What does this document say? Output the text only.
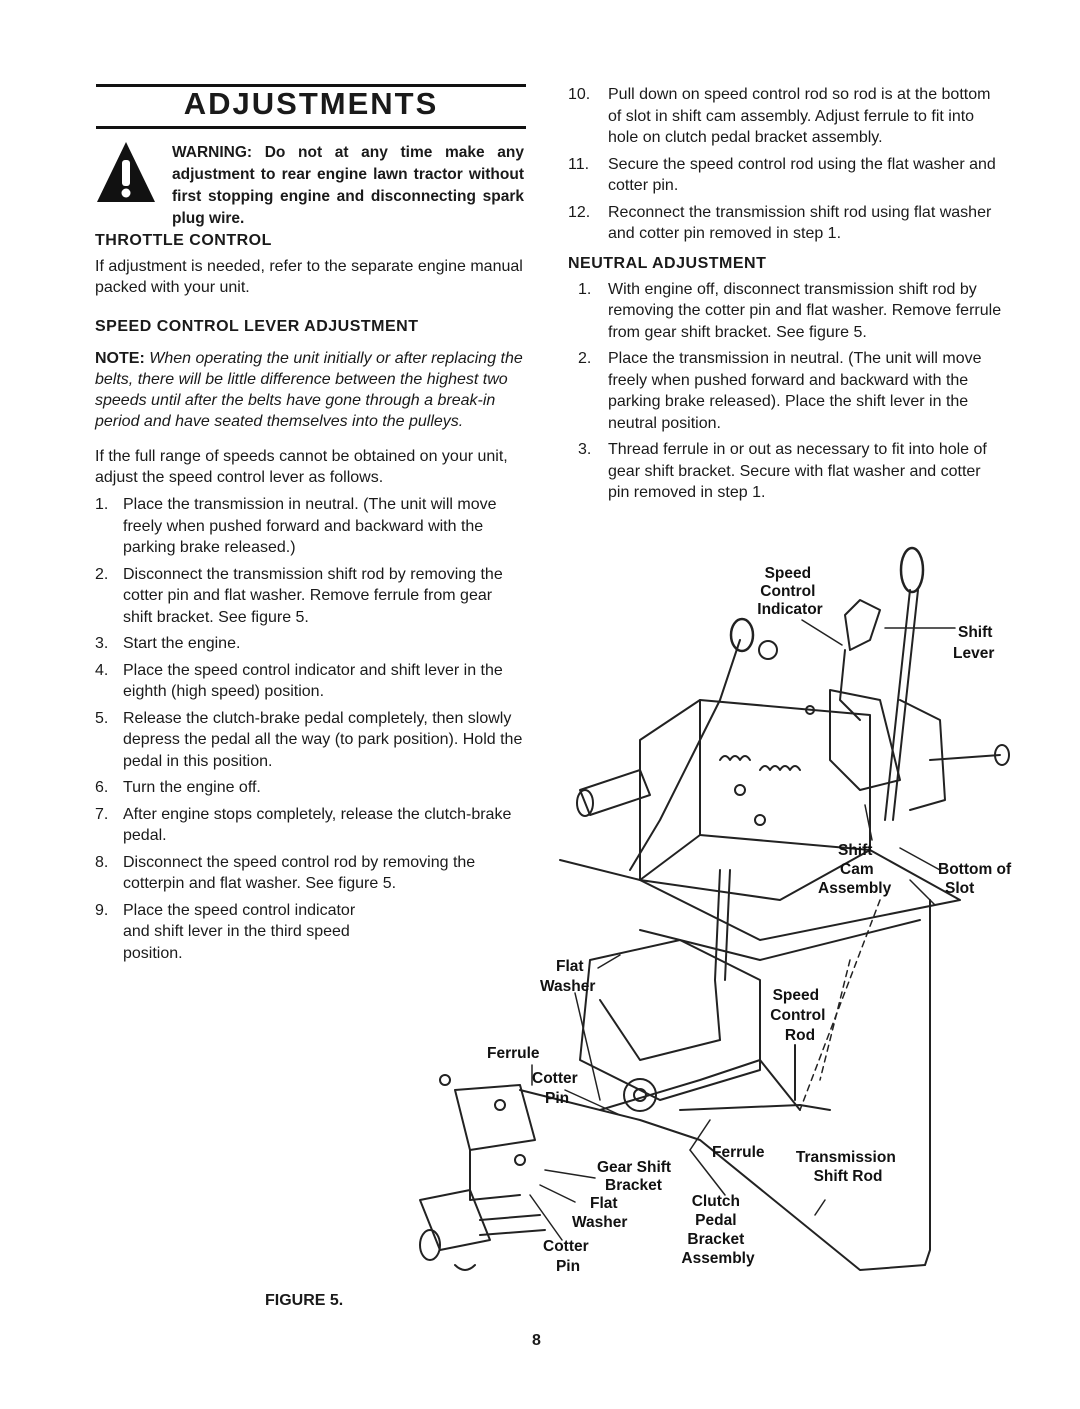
ADJUSTMENTS
WARNING: Do not at any time make any adjustment to rear engine lawn tractor without first stopping engine and disconnecting spark plug wire.
THROTTLE CONTROL
If adjustment is needed, refer to the separate engine manual packed with your unit.
SPEED CONTROL LEVER ADJUSTMENT
NOTE: When operating the unit initially or after replacing the belts, there will be little difference between the highest two speeds until after the belts have gone through a break-in period and have seated themselves into the pulleys.
If the full range of speeds cannot be obtained on your unit, adjust the speed control lever as follows.
1. Place the transmission in neutral. (The unit will move freely when pushed forward and backward with the parking brake released.)
2. Disconnect the transmission shift rod by removing the cotter pin and flat washer. Remove ferrule from gear shift bracket. See figure 5.
3. Start the engine.
4. Place the speed control indicator and shift lever in the eighth (high speed) position.
5. Release the clutch-brake pedal completely, then slowly depress the pedal all the way (to park position). Hold the pedal in this position.
6. Turn the engine off.
7. After engine stops completely, release the clutch-brake pedal.
8. Disconnect the speed control rod by removing the cotterpin and flat washer. See figure 5.
9. Place the speed control indicator and shift lever in the third speed position.
10. Pull down on speed control rod so rod is at the bottom of slot in shift cam assembly. Adjust ferrule to fit into hole on clutch pedal bracket assembly.
11. Secure the speed control rod using the flat washer and cotter pin.
12. Reconnect the transmission shift rod using flat washer and cotter pin removed in step 1.
NEUTRAL ADJUSTMENT
1.	With engine off, disconnect transmission shift rod by removing the cotter pin and flat washer. Remove ferrule from gear shift bracket. See figure 5.
2.	Place the transmission in neutral. (The unit will move freely when pushed forward and backward with the parking brake released). Place the shift lever in the neutral position.
3.	Thread ferrule in or out as necessary to fit into hole of gear shift bracket. Secure with flat washer and cotter pin removed in step 1.
Speed Control Indicator
Shift Lever
Shift Cam Assembly
Bottom of Slot
Flat Washer
Speed Control Rod
Ferrule
Cotter Pin
Ferrule Transmission Shift Rod
Gear Shift Bracket
Flat Washer
Clutch Pedal Bracket Assembly
Cotter Pin
FIGURE 5.
8
